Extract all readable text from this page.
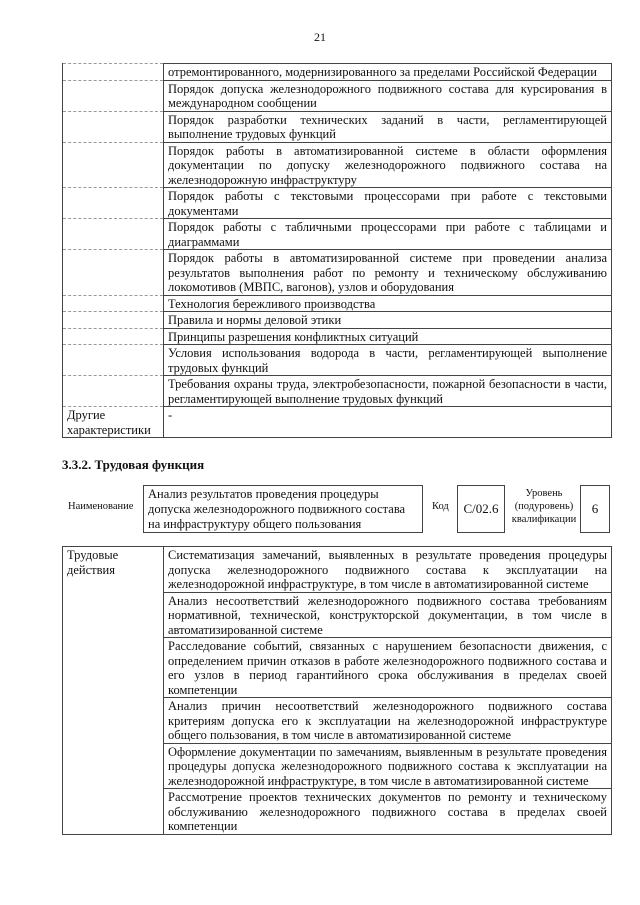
21
	отремонтированного, модернизированного за пределами Российской Федерации
	Порядок допуска железнодорожного подвижного состава для курсирования в международном сообщении
	Порядок разработки технических заданий в части, регламентирующей выполнение трудовых функций
	Порядок работы в автоматизированной системе в области оформления документации по допуску железнодорожного подвижного состава на железнодорожную инфраструктуру
	Порядок работы с текстовыми процессорами при работе с текстовыми документами
	Порядок работы с табличными процессорами при работе с таблицами и диаграммами
	Порядок работы в автоматизированной системе при проведении анализа результатов выполнения работ по ремонту и техническому обслуживанию локомотивов (МВПС, вагонов), узлов и оборудования
	Технология бережливого производства
	Правила и нормы деловой этики
	Принципы разрешения конфликтных ситуаций
	Условия использования водорода в части, регламентирующей выполнение трудовых функций
	Требования охраны труда, электробезопасности, пожарной безопасности в части, регламентирующей выполнение трудовых функций
Другие характеристики	-
3.3.2. Трудовая функция
Наименование
Анализ результатов проведения процедуры допуска железнодорожного подвижного состава на инфраструктуру общего пользования
Код	C/02.6
Уровень (подуровень) квалификации
6
Трудовые действия	Систематизация замечаний, выявленных в результате проведения процедуры допуска железнодорожного подвижного состава к эксплуатации на железнодорожной инфраструктуре, в том числе в автоматизированной системе
Анализ несоответствий железнодорожного подвижного состава требованиям нормативной, технической, конструкторской документации, в том числе в автоматизированной системе
Расследование событий, связанных с нарушением безопасности движения, с определением причин отказов в работе железнодорожного подвижного состава и его узлов в период гарантийного срока обслуживания в пределах своей компетенции
Анализ причин несоответствий железнодорожного подвижного состава критериям допуска его к эксплуатации на железнодорожной инфраструктуре общего пользования, в том числе в автоматизированной системе
Оформление документации по замечаниям, выявленным в результате проведения процедуры допуска железнодорожного подвижного состава к эксплуатации на железнодорожной инфраструктуре, в том числе в автоматизированной системе
Рассмотрение проектов технических документов по ремонту и техническому обслуживанию железнодорожного подвижного состава в пределах своей компетенции
